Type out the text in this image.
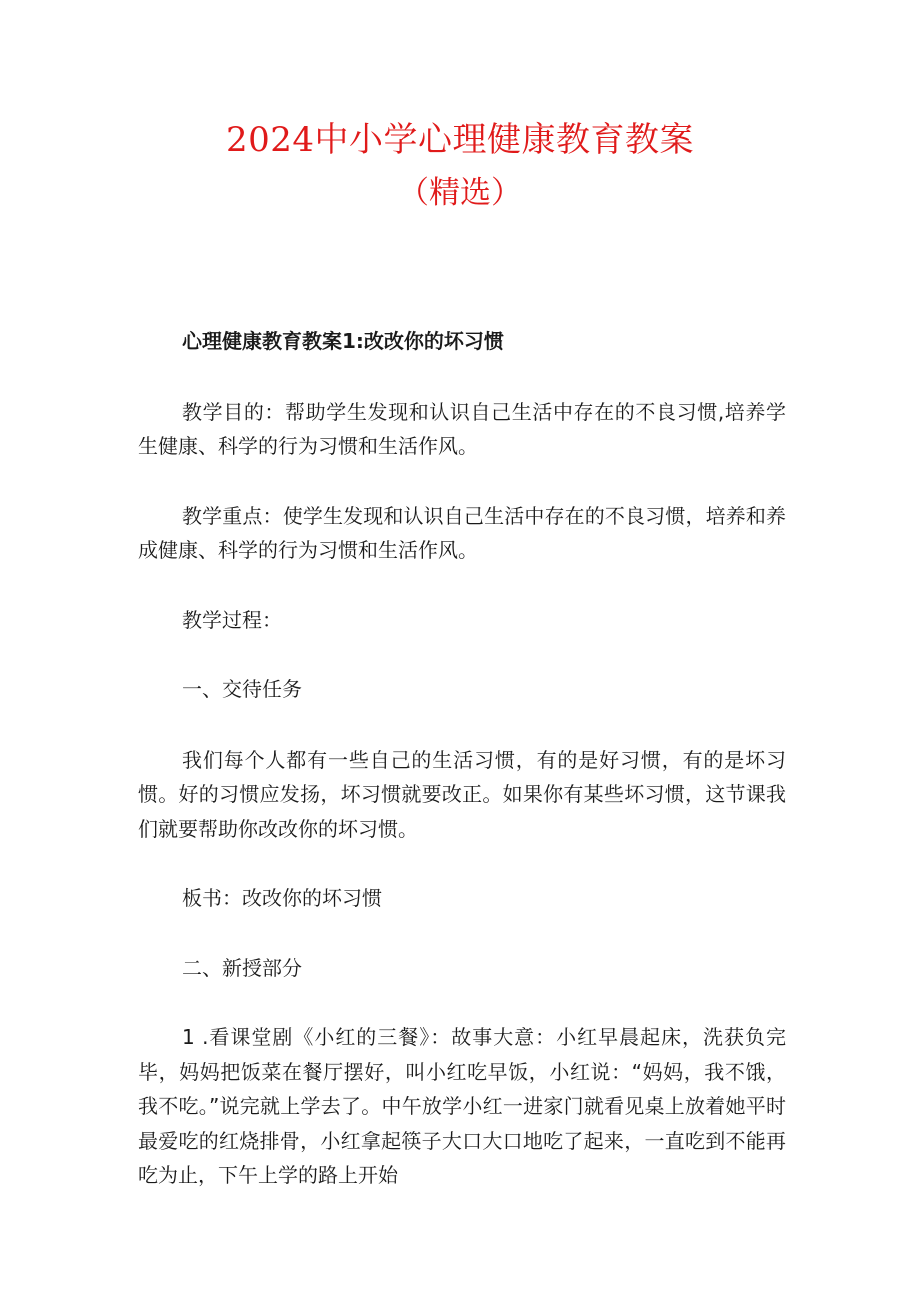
2024中小学心理健康教育教案
（精选）

心理健康教育教案1:改改你的坏习惯

教学目的：帮助学生发现和认识自己生活中存在的不良习惯,培养学生健康、科学的行为习惯和生活作风。

教学重点：使学生发现和认识自己生活中存在的不良习惯，培养和养成健康、科学的行为习惯和生活作风。

教学过程：

一、交待任务

我们每个人都有一些自己的生活习惯，有的是好习惯，有的是坏习惯。好的习惯应发扬，坏习惯就要改正。如果你有某些坏习惯，这节课我们就要帮助你改改你的坏习惯。

板书：改改你的坏习惯

二、新授部分

1 .看课堂剧《小红的三餐》：故事大意：小红早晨起床，洗获负完毕，妈妈把饭菜在餐厅摆好，叫小红吃早饭，小红说：“妈妈，我不饿，我不吃。”说完就上学去了。中午放学小红一进家门就看见桌上放着她平时最爱吃的红烧排骨，小红拿起筷子大口大口地吃了起来，一直吃到不能再吃为止，下午上学的路上开始
